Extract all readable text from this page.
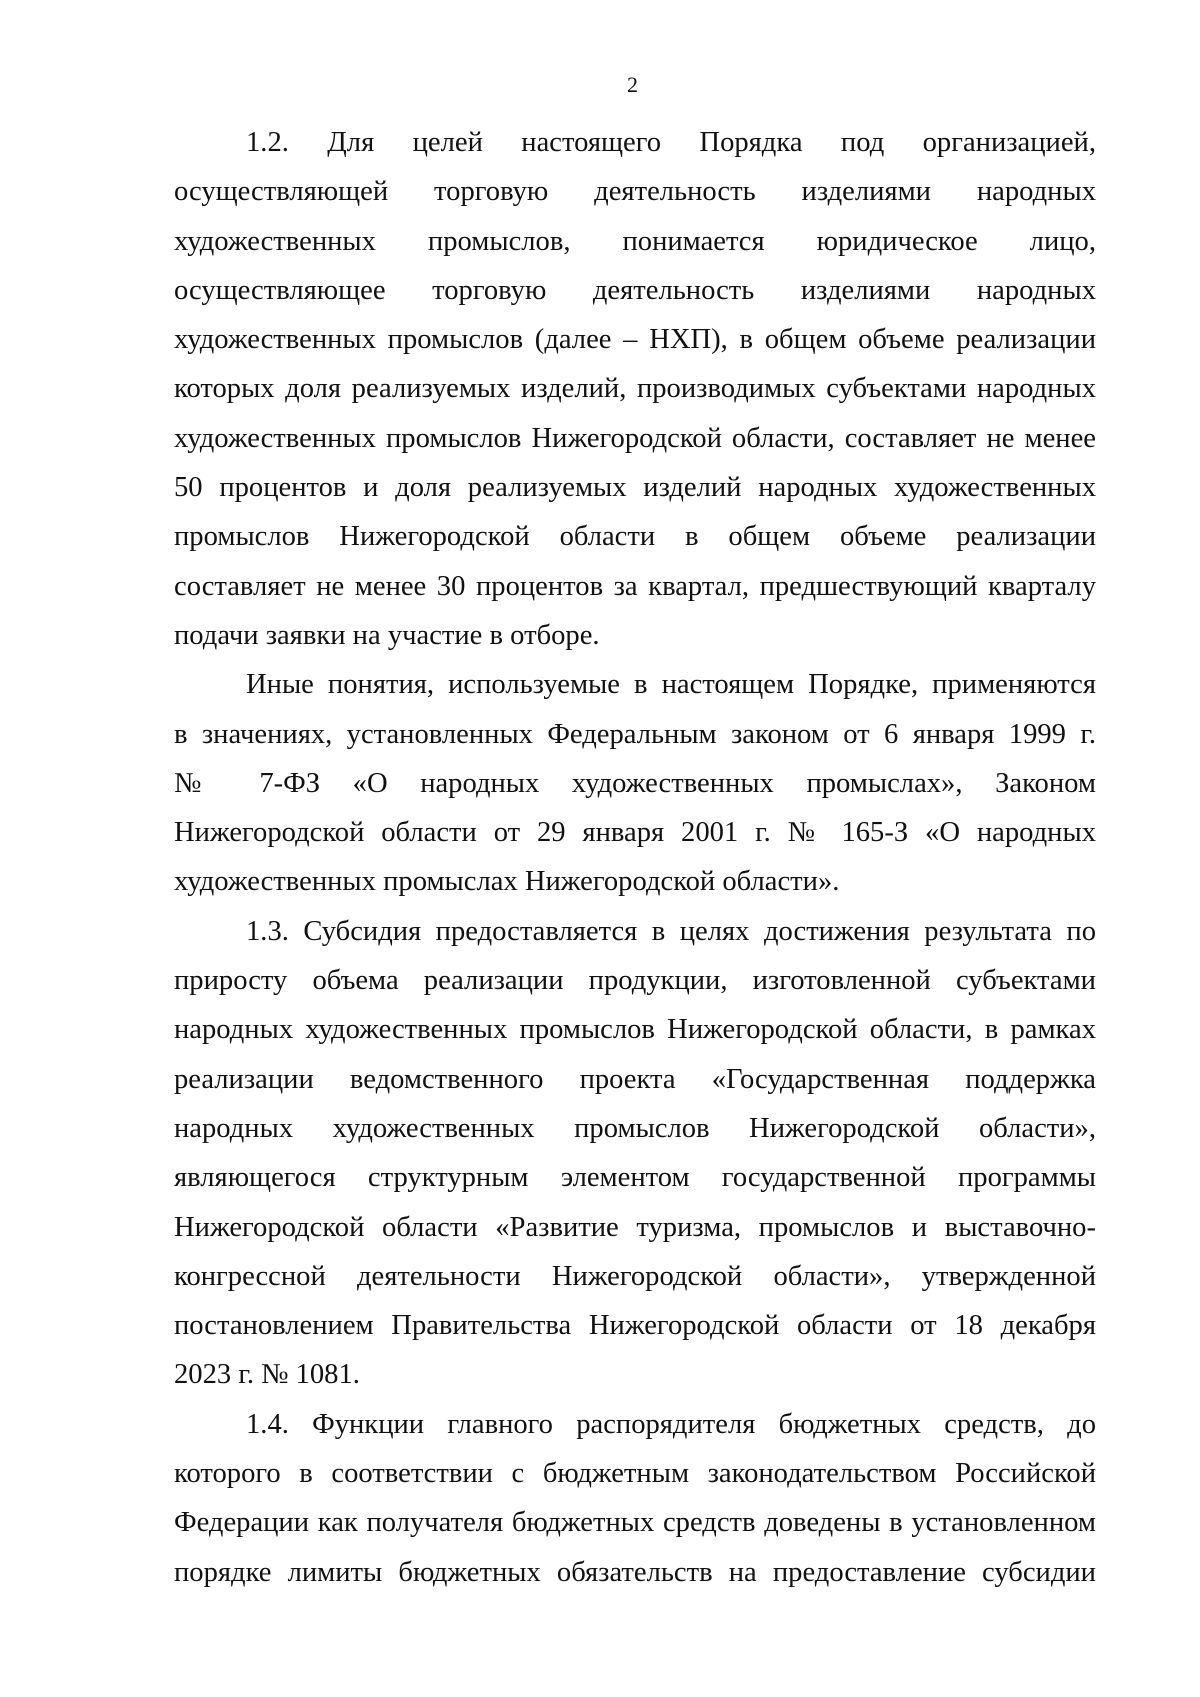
2
1.2. Для целей настоящего Порядка под организацией,
осуществляющей торговую деятельность изделиями народных
художественных промыслов, понимается юридическое лицо,
осуществляющее торговую деятельность изделиями народных
художественных промыслов (далее – НХП), в общем объеме реализации
которых доля реализуемых изделий, производимых субъектами народных
художественных промыслов Нижегородской области, составляет не менее
50 процентов и доля реализуемых изделий народных художественных
промыслов Нижегородской области в общем объеме реализации
составляет не менее 30 процентов за квартал, предшествующий кварталу
подачи заявки на участие в отборе.
Иные понятия, используемые в настоящем Порядке, применяются
в значениях, установленных Федеральным законом от 6 января 1999 г.
№ 7-ФЗ «О народных художественных промыслах», Законом
Нижегородской области от 29 января 2001 г. № 165-З «О народных
художественных промыслах Нижегородской области».
1.3. Субсидия предоставляется в целях достижения результата по
приросту объема реализации продукции, изготовленной субъектами
народных художественных промыслов Нижегородской области, в рамках
реализации ведомственного проекта «Государственная поддержка
народных художественных промыслов Нижегородской области»,
являющегося структурным элементом государственной программы
Нижегородской области «Развитие туризма, промыслов и выставочно-
конгрессной деятельности Нижегородской области», утвержденной
постановлением Правительства Нижегородской области от 18 декабря
2023 г. № 1081.
1.4. Функции главного распорядителя бюджетных средств, до
которого в соответствии с бюджетным законодательством Российской
Федерации как получателя бюджетных средств доведены в установленном
порядке лимиты бюджетных обязательств на предоставление субсидии
